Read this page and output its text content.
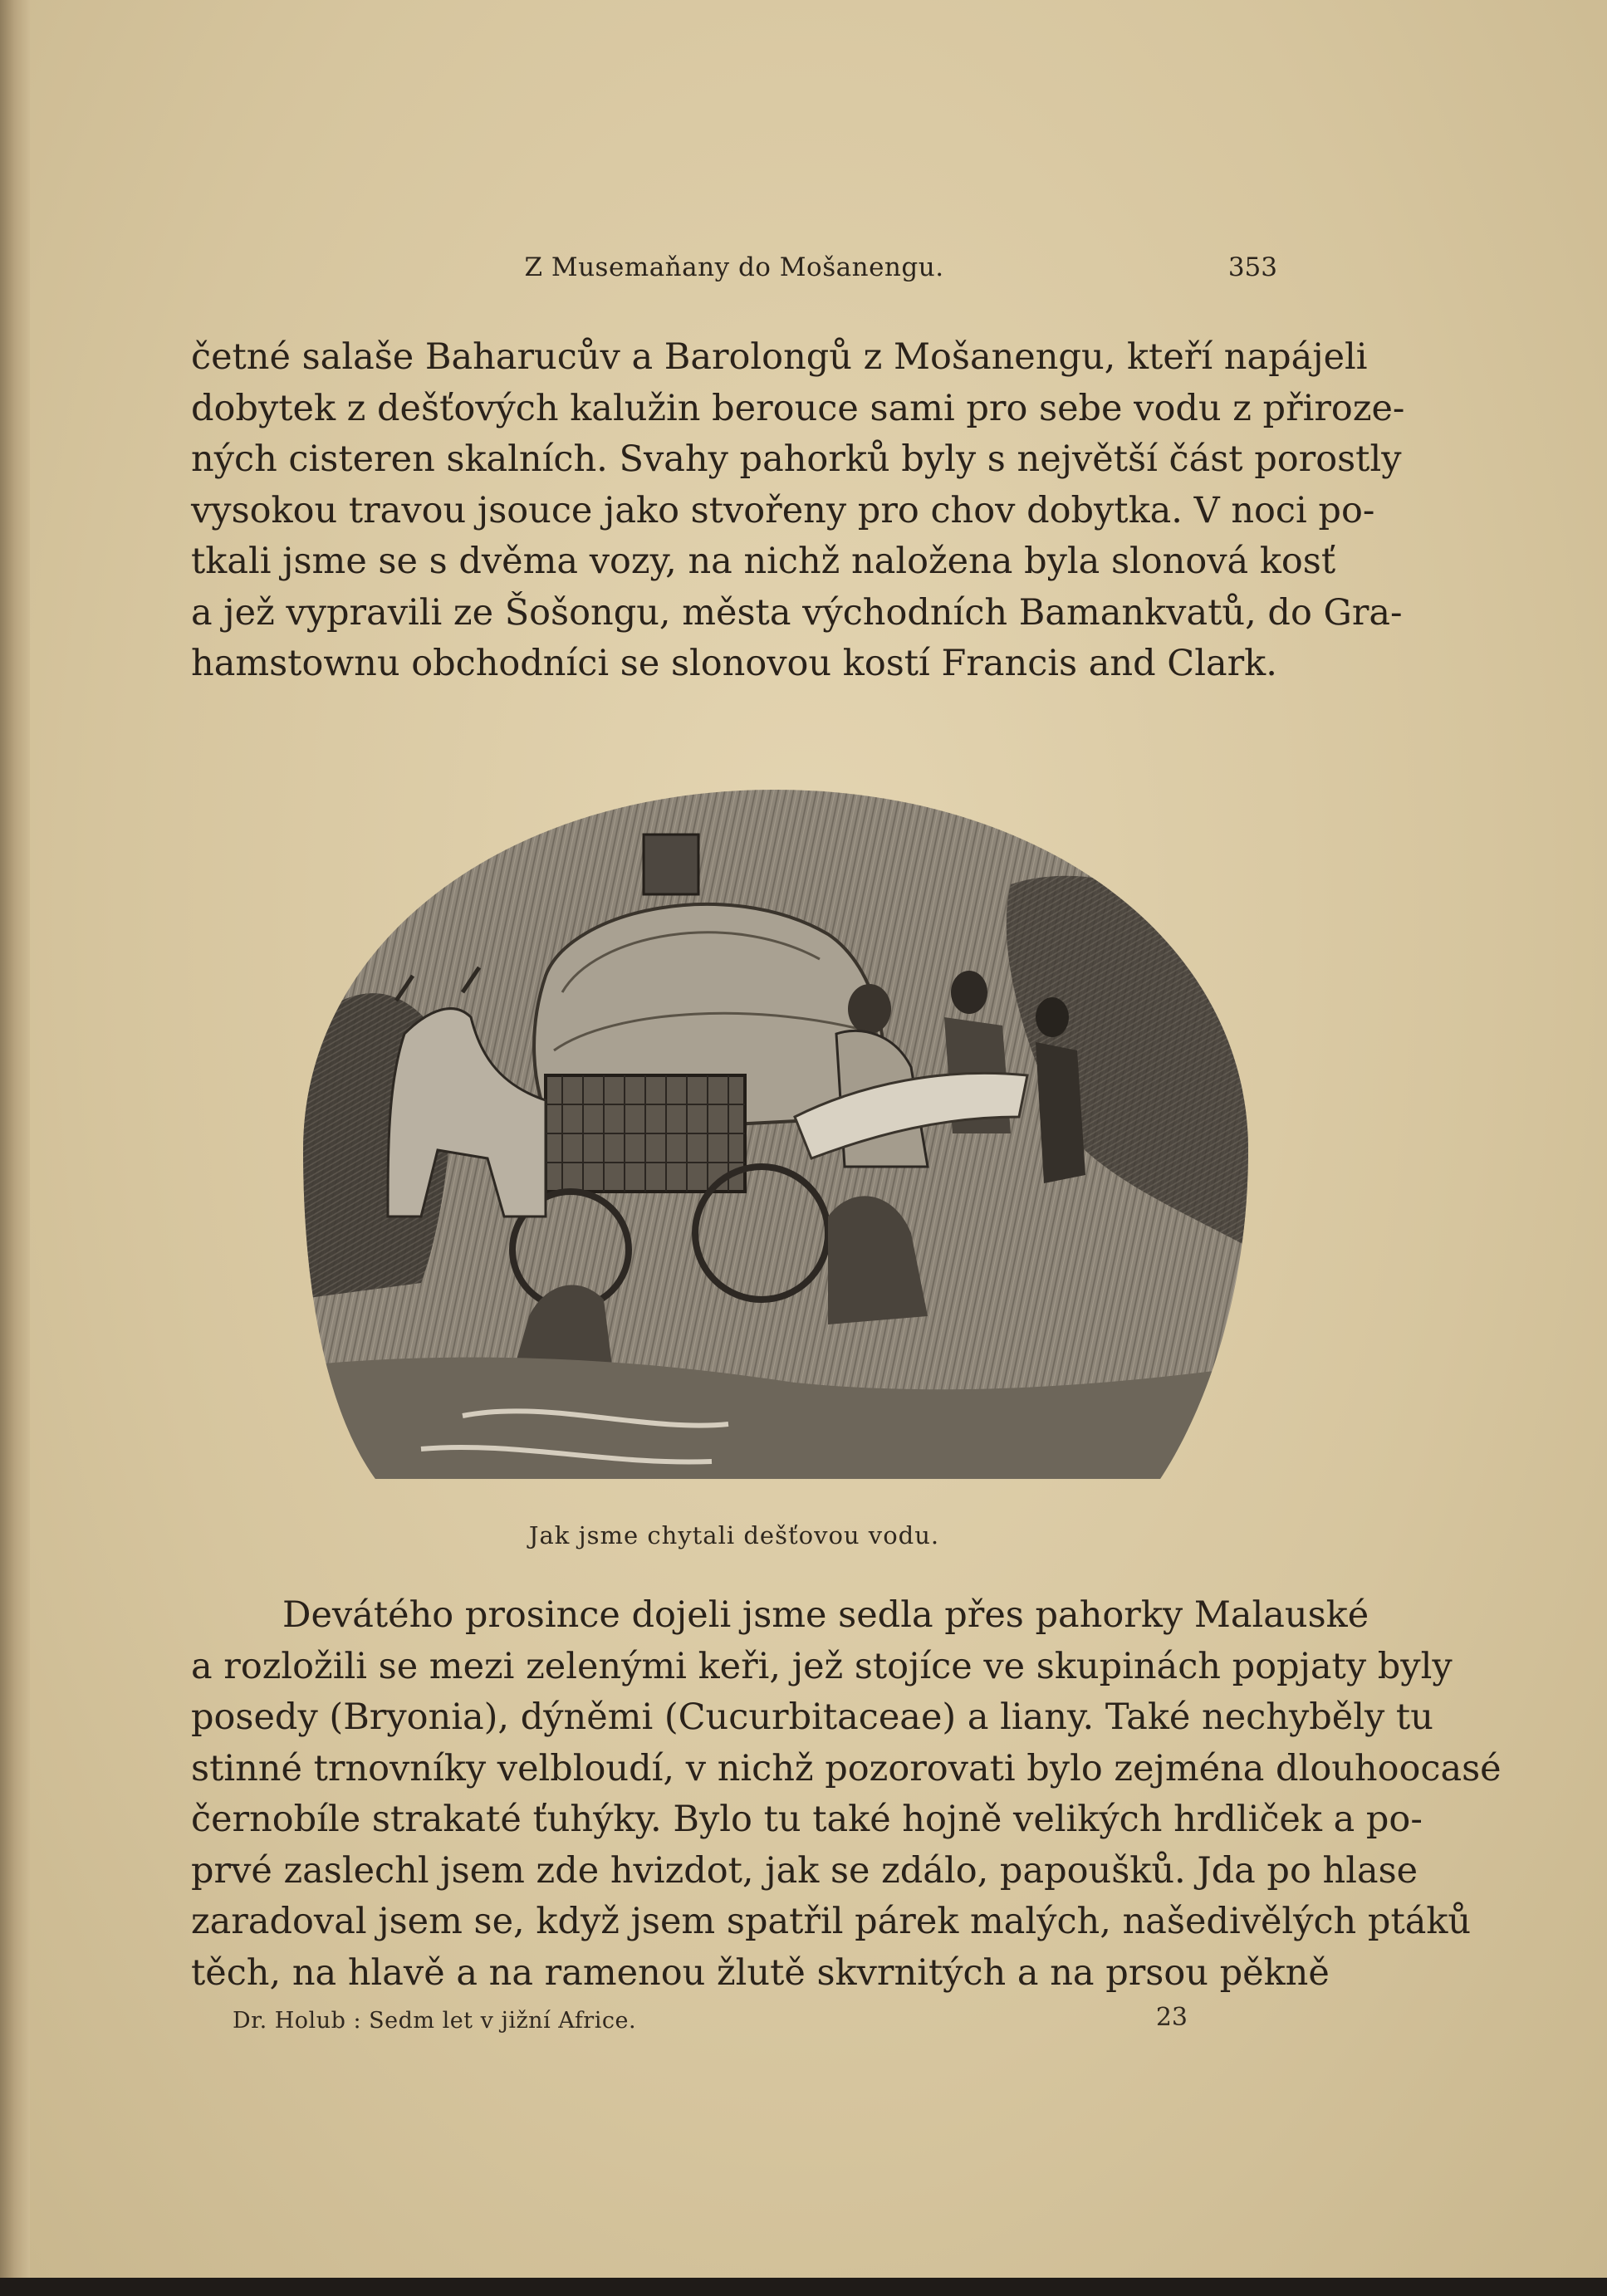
Z Musemaňany do Mošanengu.	353
četné salaše Baharucův a Barolongů z Mošanengu, kteří napájeli
dobytek z dešťových kalužin berouce sami pro sebe vodu z přiroze-
ných cisteren skalních. Svahy pahorků byly s největší část porostly
vysokou travou jsouce jako stvořeny pro chov dobytka. V noci po-
tkali jsme se s dvěma vozy, na nichž naložena byla slonová kosť
a jež vypravili ze Šošongu, města východních Bamankvatů, do Gra-
hamstownu obchodníci se slonovou kostí Francis and Clark.
Jak jsme chytali dešťovou vodu.
Devátého prosince dojeli jsme sedla přes pahorky Malauské
a rozložili se mezi zelenými keři, jež stojíce ve skupinách popjaty byly
posedy (Bryonia), dýněmi (Cucurbitaceae) a liany. Také nechyběly tu
stinné trnovníky velbloudí, v nichž pozorovati bylo zejména dlouhoocasé
černobíle strakaté ťuhýky. Bylo tu také hojně velikých hrdliček a po-
prvé zaslechl jsem zde hvizdot, jak se zdálo, papoušků. Jda po hlase
zaradoval jsem se, když jsem spatřil párek malých, našedivělých ptáků
těch, na hlavě a na ramenou žlutě skvrnitých a na prsou pěkně
Dr. Holub : Sedm let v jižní Africe.	23
